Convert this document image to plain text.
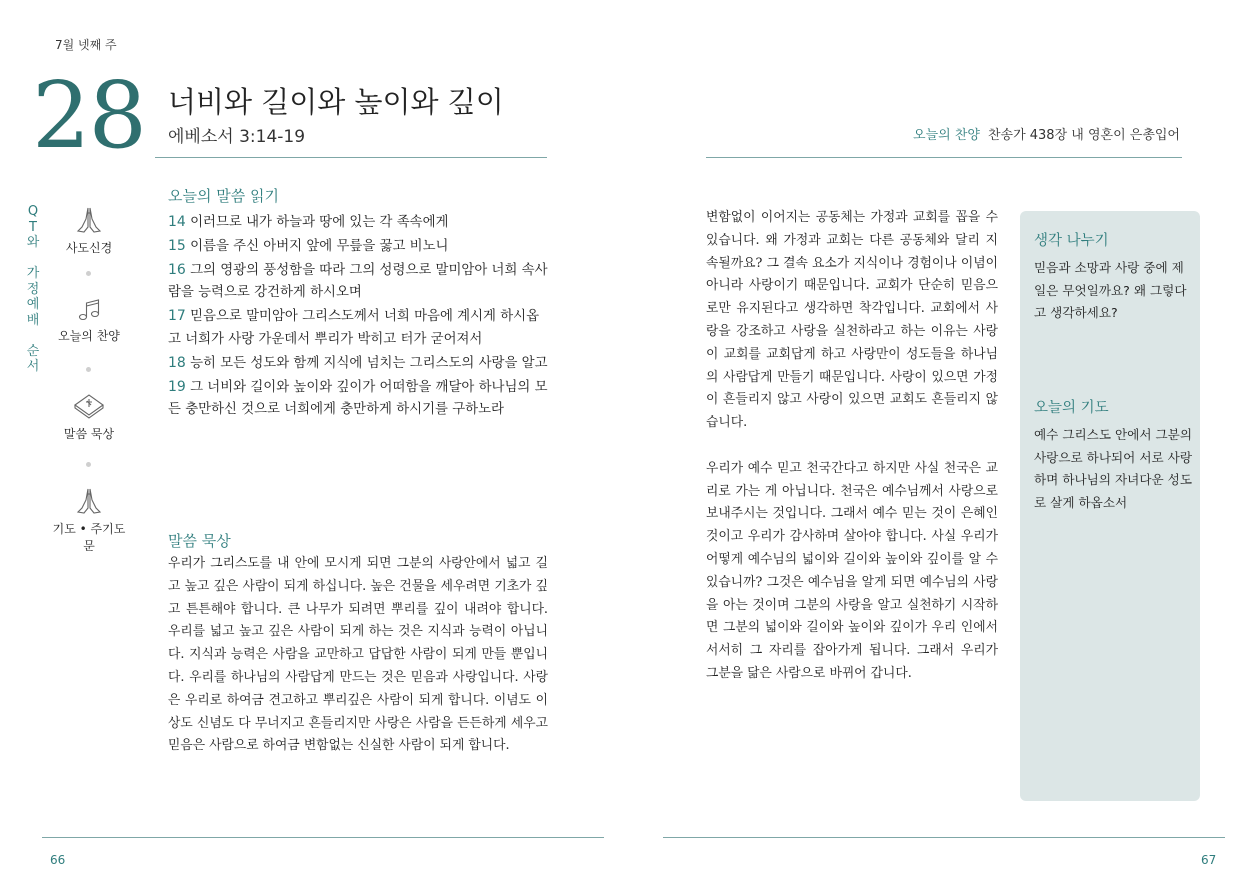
7월 넷째 주
28 너비와 길이와 높이와 깊이
에베소서 3:14-19	오늘의 찬양 찬송가 438장 내 영혼이 은총입어
Q
T
와
가
정
예
배
순
서
사도신경
오늘의 찬양
말씀 묵상
기도 • 주기도문
오늘의 말씀 읽기
14 이러므로 내가 하늘과 땅에 있는 각 족속에게
15 이름을 주신 아버지 앞에 무릎을 꿇고 비노니
16 그의 영광의 풍성함을 따라 그의 성령으로 말미암아 너희 속사람을 능력으로 강건하게 하시오며
17 믿음으로 말미암아 그리스도께서 너희 마음에 계시게 하시옵고 너희가 사랑 가운데서 뿌리가 박히고 터가 굳어져서
18 능히 모든 성도와 함께 지식에 넘치는 그리스도의 사랑을 알고
19 그 너비와 길이와 높이와 깊이가 어떠함을 깨달아 하나님의 모든 충만하신 것으로 너희에게 충만하게 하시기를 구하노라
말씀 묵상

우리가 그리스도를 내 안에 모시게 되면 그분의 사랑안에서 넓고 길고 높고 깊은 사람이 되게 하십니다. 높은 건물을 세우려면 기초가 깊고 튼튼해야 합니다. 큰 나무가 되려면 뿌리를 깊이 내려야 합니다. 우리를 넓고 높고 깊은 사람이 되게 하는 것은 지식과 능력이 아닙니다. 지식과 능력은 사람을 교만하고 답답한 사람이 되게 만들 뿐입니다. 우리를 하나님의 사람답게 만드는 것은 믿음과 사랑입니다. 사랑은 우리로 하여금 견고하고 뿌리깊은 사람이 되게 합니다. 이념도 이상도 신념도 다 무너지고 흔들리지만 사랑은 사람을 든든하게 세우고 믿음은 사람으로 하여금 변함없는 신실한 사람이 되게 합니다.

변함없이 이어지는 공동체는 가정과 교회를 꼽을 수 있습니다. 왜 가정과 교회는 다른 공동체와 달리 지속될까요? 그 결속 요소가 지식이나 경험이나 이념이 아니라 사랑이기 때문입니다. 교회가 단순히 믿음으로만 유지된다고 생각하면 착각입니다. 교회에서 사랑을 강조하고 사랑을 실천하라고 하는 이유는 사랑이 교회를 교회답게 하고 사랑만이 성도들을 하나님의 사람답게 만들기 때문입니다. 사랑이 있으면 가정이 흔들리지 않고 사랑이 있으면 교회도 흔들리지 않습니다.

우리가 예수 믿고 천국간다고 하지만 사실 천국은 교리로 가는 게 아닙니다. 천국은 예수님께서 사랑으로 보내주시는 것입니다. 그래서 예수 믿는 것이 은혜인 것이고 우리가 감사하며 살아야 합니다. 사실 우리가 어떻게 예수님의 넓이와 길이와 높이와 깊이를 알 수 있습니까? 그것은 예수님을 알게 되면 예수님의 사랑을 아는 것이며 그분의 사랑을 알고 실천하기 시작하면 그분의 넓이와 길이와 높이와 깊이가 우리 인에서 서서히 그 자리를 잡아가게 됩니다. 그래서 우리가 그분을 닮은 사람으로 바뀌어 갑니다.

생각 나누기
믿음과 소망과 사랑 중에 제일은 무엇일까요? 왜 그렇다고 생각하세요?
오늘의 기도
예수 그리스도 안에서 그분의 사랑으로 하나되어 서로 사랑하며 하나님의 자녀다운 성도로 살게 하옵소서
66	67
